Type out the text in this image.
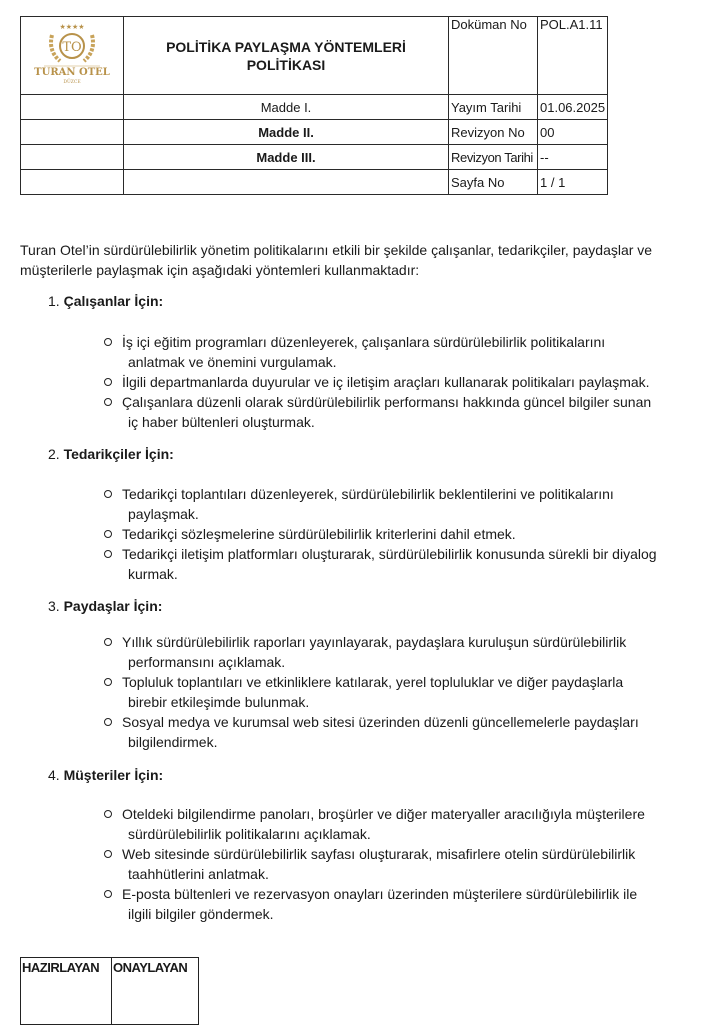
★★★★
TO
TURAN OTEL
DÜZCE	POLİTİKA PAYLAŞMA YÖNTEMLERİ
POLİTİKASI	Doküman No	POL.A1.11
	Madde I.	Yayım Tarihi	01.06.2025
	Madde II.	Revizyon No	00
	Madde III.	Revizyon Tarihi	--
		Sayfa No	1 / 1

Turan Otel’in sürdürülebilirlik yönetim politikalarını etkili bir şekilde çalışanlar, tedarikçiler, paydaşlar ve müşterilerle paylaşmak için aşağıdaki yöntemleri kullanmaktadır:

1. Çalışanlar İçin:
İş içi eğitim programları düzenleyerek, çalışanlara sürdürülebilirlik politikalarını
anlatmak ve önemini vurgulamak.
İlgili departmanlarda duyurular ve iç iletişim araçları kullanarak politikaları paylaşmak.
Çalışanlara düzenli olarak sürdürülebilirlik performansı hakkında güncel bilgiler sunan
iç haber bültenleri oluşturmak.
2. Tedarikçiler İçin:
Tedarikçi toplantıları düzenleyerek, sürdürülebilirlik beklentilerini ve politikalarını
paylaşmak.
Tedarikçi sözleşmelerine sürdürülebilirlik kriterlerini dahil etmek.
Tedarikçi iletişim platformları oluşturarak, sürdürülebilirlik konusunda sürekli bir diyalog
kurmak.
3. Paydaşlar İçin:
Yıllık sürdürülebilirlik raporları yayınlayarak, paydaşlara kuruluşun sürdürülebilirlik
performansını açıklamak.
Topluluk toplantıları ve etkinliklere katılarak, yerel topluluklar ve diğer paydaşlarla
birebir etkileşimde bulunmak.
Sosyal medya ve kurumsal web sitesi üzerinden düzenli güncellemelerle paydaşları
bilgilendirmek.
4. Müşteriler İçin:
Oteldeki bilgilendirme panoları, broşürler ve diğer materyaller aracılığıyla müşterilere
sürdürülebilirlik politikalarını açıklamak.
Web sitesinde sürdürülebilirlik sayfası oluşturarak, misafirlere otelin sürdürülebilirlik
taahhütlerini anlatmak.
E-posta bültenleri ve rezervasyon onayları üzerinden müşterilere sürdürülebilirlik ile
ilgili bilgiler göndermek.
HAZIRLAYAN	ONAYLAYAN
